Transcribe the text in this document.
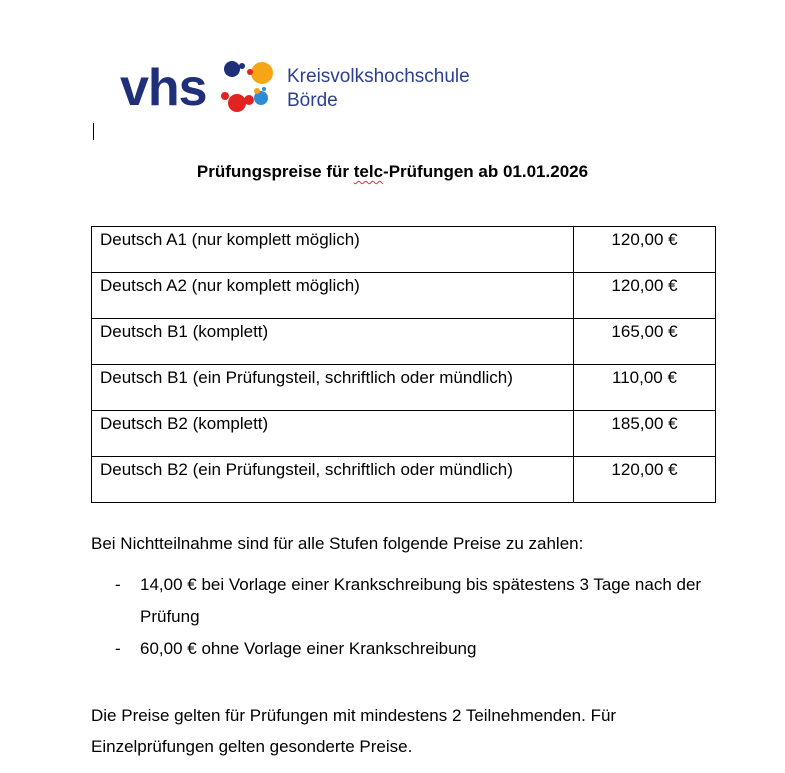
vhs	Kreisvolkshochschule
Börde
Prüfungspreise für telc-Prüfungen ab 01.01.2026
Deutsch A1 (nur komplett möglich)	120,00 €
Deutsch A2 (nur komplett möglich)	120,00 €
Deutsch B1 (komplett)	165,00 €
Deutsch B1 (ein Prüfungsteil, schriftlich oder mündlich)	110,00 €
Deutsch B2 (komplett)	185,00 €
Deutsch B2 (ein Prüfungsteil, schriftlich oder mündlich)	120,00 €
Bei Nichtteilnahme sind für alle Stufen folgende Preise zu zahlen:
- 14,00 € bei Vorlage einer Krankschreibung bis spätestens 3 Tage nach der Prüfung
- 60,00 € ohne Vorlage einer Krankschreibung
Die Preise gelten für Prüfungen mit mindestens 2 Teilnehmenden. Für Einzelprüfungen gelten gesonderte Preise.
